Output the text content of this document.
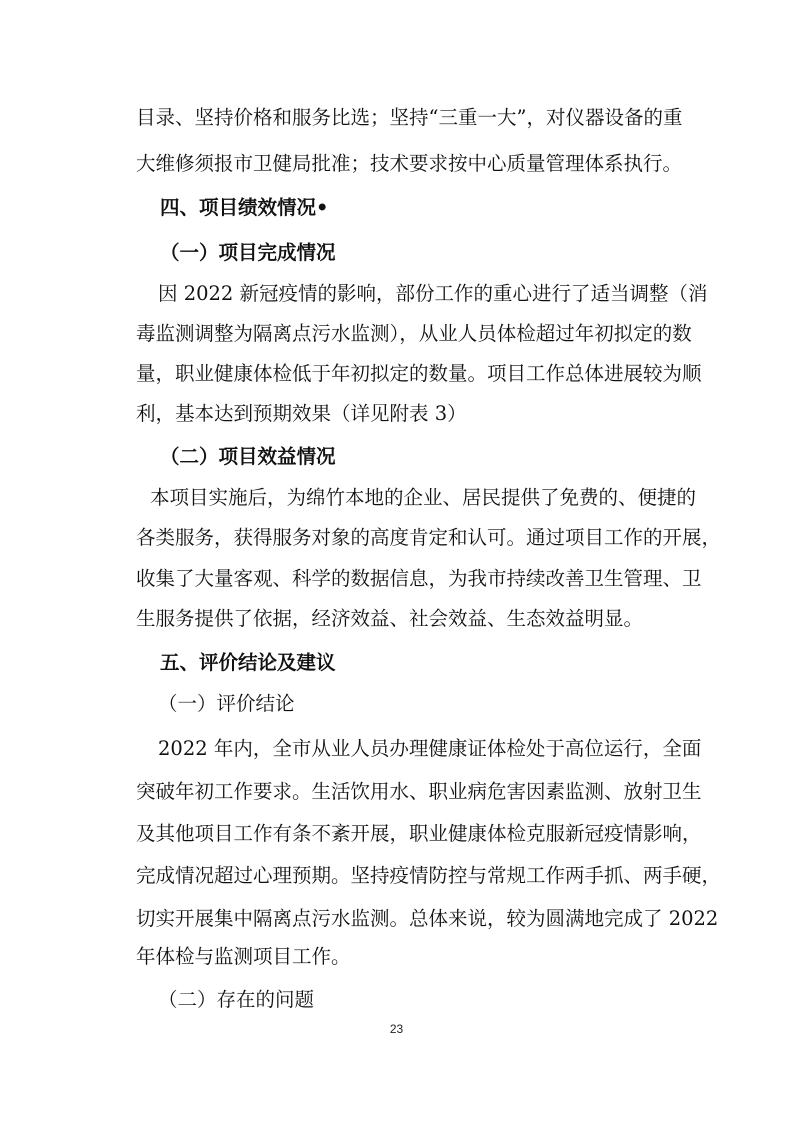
目录、坚持价格和服务比选；坚持“三重一大”，对仪器设备的重
大维修须报市卫健局批准；技术要求按中心质量管理体系执行。
四、项目绩效情况•
（一）项目完成情况
因 2022 新冠疫情的影响，部份工作的重心进行了适当调整（消
毒监测调整为隔离点污水监测），从业人员体检超过年初拟定的数
量，职业健康体检低于年初拟定的数量。项目工作总体进展较为顺
利，基本达到预期效果（详见附表 3）
（二）项目效益情况
本项目实施后，为绵竹本地的企业、居民提供了免费的、便捷的
各类服务，获得服务对象的高度肯定和认可。通过项目工作的开展，
收集了大量客观、科学的数据信息，为我市持续改善卫生管理、卫
生服务提供了依据，经济效益、社会效益、生态效益明显。
五、评价结论及建议
（一）评价结论
2022 年内，全市从业人员办理健康证体检处于高位运行，全面
突破年初工作要求。生活饮用水、职业病危害因素监测、放射卫生
及其他项目工作有条不紊开展，职业健康体检克服新冠疫情影响，
完成情况超过心理预期。坚持疫情防控与常规工作两手抓、两手硬，
切实开展集中隔离点污水监测。总体来说，较为圆满地完成了 2022
年体检与监测项目工作。
（二）存在的问题
23
